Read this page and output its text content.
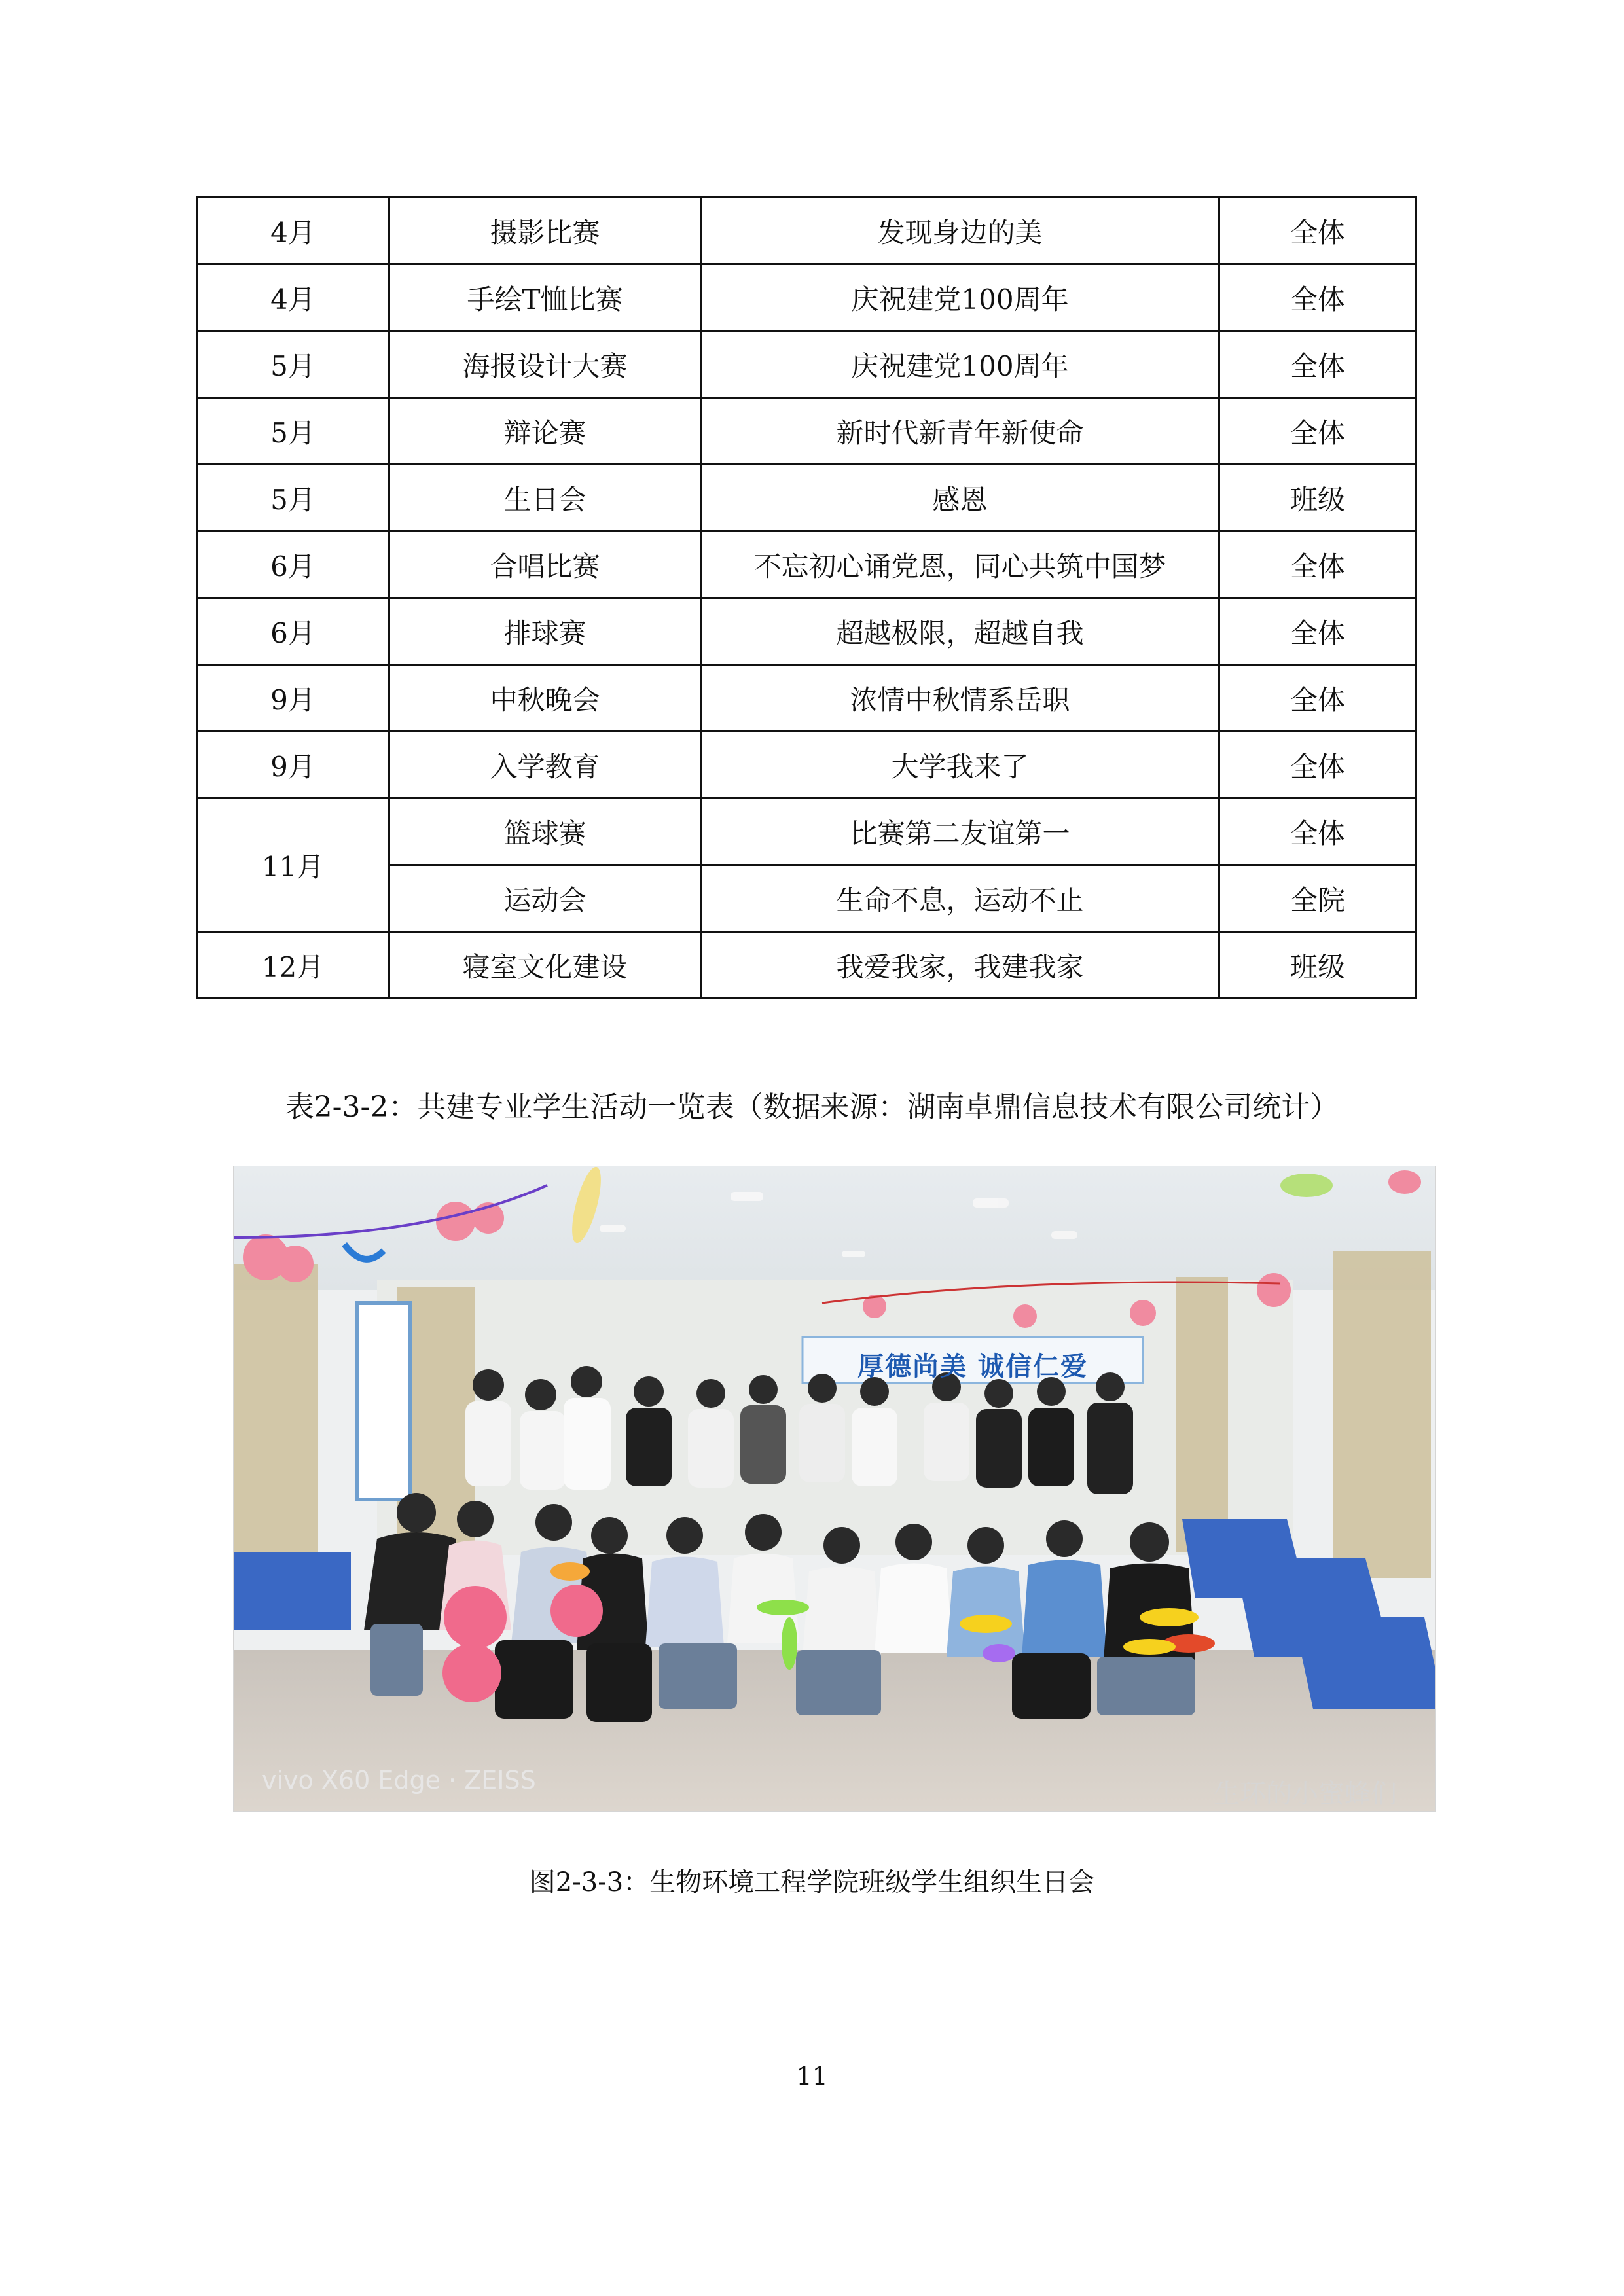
4月	摄影比赛	发现身边的美	全体
4月	手绘T恤比赛	庆祝建党100周年	全体
5月	海报设计大赛	庆祝建党100周年	全体
5月	辩论赛	新时代新青年新使命	全体
5月	生日会	感恩	班级
6月	合唱比赛	不忘初心诵党恩，同心共筑中国梦	全体
6月	排球赛	超越极限，超越自我	全体
9月	中秋晚会	浓情中秋情系岳职	全体
9月	入学教育	大学我来了	全体
11月	篮球赛	比赛第二友谊第一	全体
	运动会	生命不息，运动不止	全院
12月	寝室文化建设	我爱我家，我建我家	班级
表2-3-2：共建专业学生活动一览表（数据来源：湖南卓鼎信息技术有限公司统计）
厚德尚美 诚信仁爱
vivo X60 Edge · ZEISS	生环的小蜜蜂们
图2-3-3：生物环境工程学院班级学生组织生日会
11
